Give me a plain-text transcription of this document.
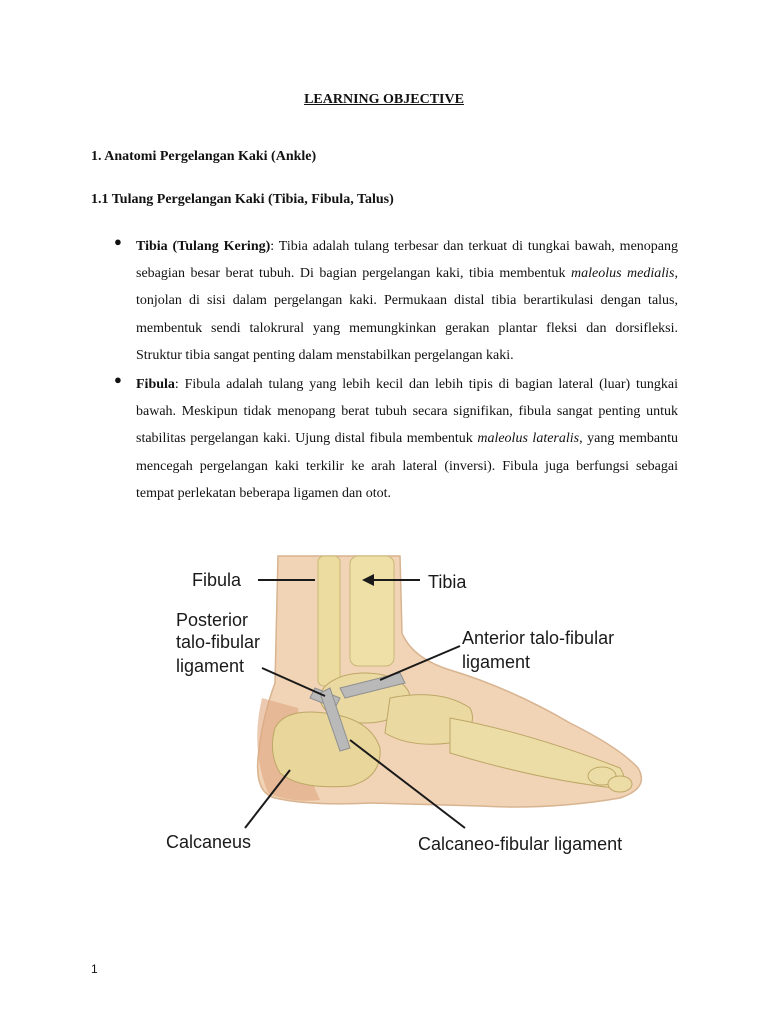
LEARNING OBJECTIVE
1. Anatomi Pergelangan Kaki (Ankle)
1.1 Tulang Pergelangan Kaki (Tibia, Fibula, Talus)
● Tibia (Tulang Kering): Tibia adalah tulang terbesar dan terkuat di tungkai bawah, menopang sebagian besar berat tubuh. Di bagian pergelangan kaki, tibia membentuk maleolus medialis, tonjolan di sisi dalam pergelangan kaki. Permukaan distal tibia berartikulasi dengan talus, membentuk sendi talokrural yang memungkinkan gerakan plantar fleksi dan dorsifleksi. Struktur tibia sangat penting dalam menstabilkan pergelangan kaki.
● Fibula: Fibula adalah tulang yang lebih kecil dan lebih tipis di bagian lateral (luar) tungkai bawah. Meskipun tidak menopang berat tubuh secara signifikan, fibula sangat penting untuk stabilitas pergelangan kaki. Ujung distal fibula membentuk maleolus lateralis, yang membantu mencegah pergelangan kaki terkilir ke arah lateral (inversi). Fibula juga berfungsi sebagai tempat perlekatan beberapa ligamen dan otot.
Fibula	Tibia
Posterior
talo-fibular
ligament
Anterior talo-fibular
ligament
Calcaneus	Calcaneo-fibular ligament
1
